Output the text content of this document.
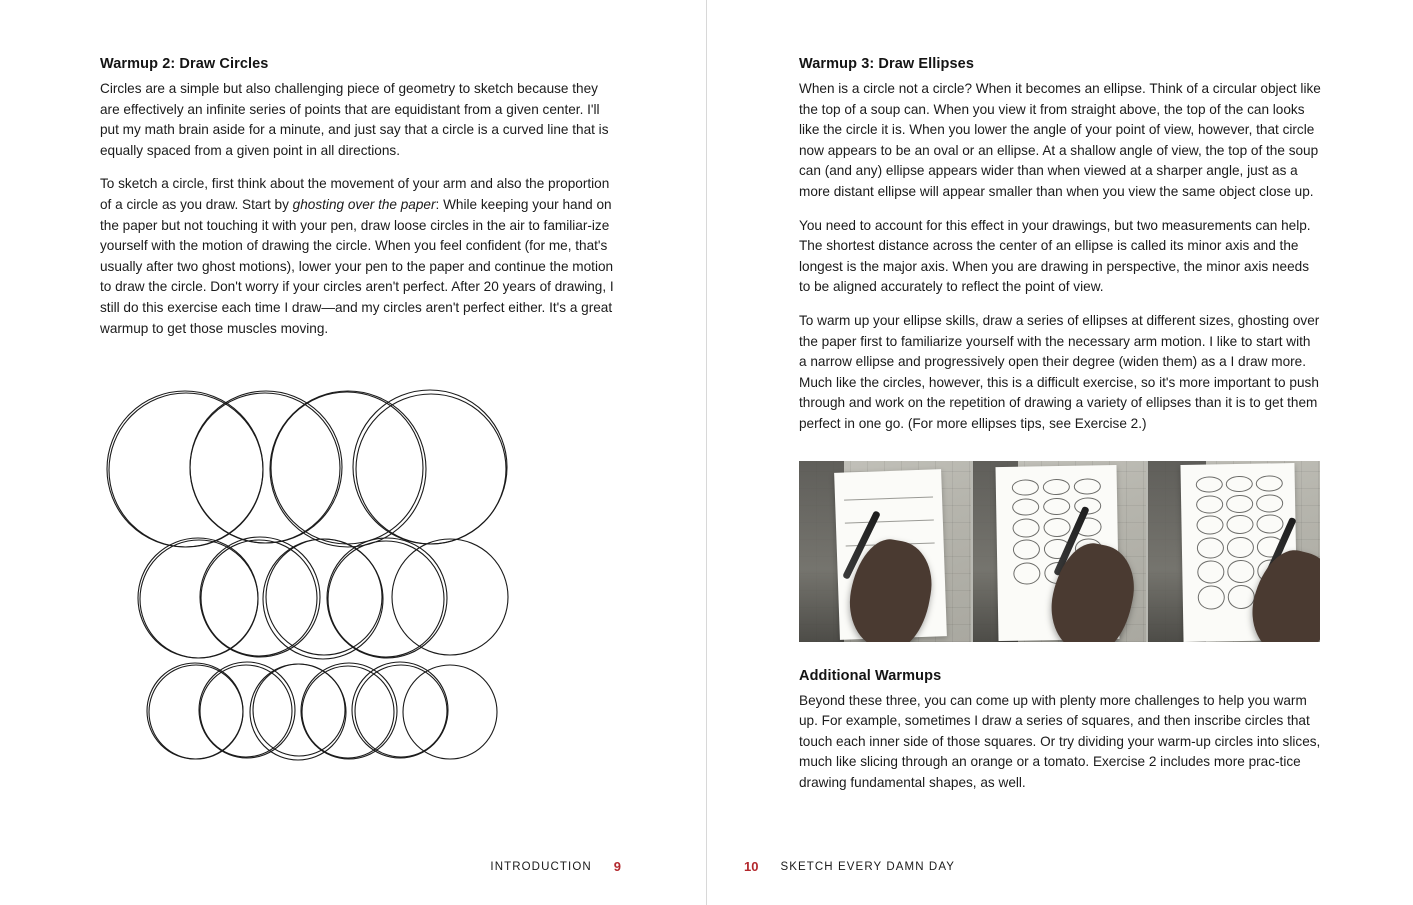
Warmup 2: Draw Circles

Circles are a simple but also challenging piece of geometry to sketch because they are effectively an infinite series of points that are equidistant from a given center. I'll put my math brain aside for a minute, and just say that a circle is a curved line that is equally spaced from a given point in all directions.

To sketch a circle, first think about the movement of your arm and also the proportion of a circle as you draw. Start by ghosting over the paper: While keeping your hand on the paper but not touching it with your pen, draw loose circles in the air to familiar-ize yourself with the motion of drawing the circle. When you feel confident (for me, that's usually after two ghost motions), lower your pen to the paper and continue the motion to draw the circle. Don't worry if your circles aren't perfect. After 20 years of drawing, I still do this exercise each time I draw—and my circles aren't perfect either. It's a great warmup to get those muscles moving.

INTRODUCTION 9
Warmup 3: Draw Ellipses

When is a circle not a circle? When it becomes an ellipse. Think of a circular object like the top of a soup can. When you view it from straight above, the top of the can looks like the circle it is. When you lower the angle of your point of view, however, that circle now appears to be an oval or an ellipse. At a shallow angle of view, the top of the soup can (and any) ellipse appears wider than when viewed at a sharper angle, just as a more distant ellipse will appear smaller than when you view the same object close up.

You need to account for this effect in your drawings, but two measurements can help. The shortest distance across the center of an ellipse is called its minor axis and the longest is the major axis. When you are drawing in perspective, the minor axis needs to be aligned accurately to reflect the point of view.

To warm up your ellipse skills, draw a series of ellipses at different sizes, ghosting over the paper first to familiarize yourself with the necessary arm motion. I like to start with a narrow ellipse and progressively open their degree (widen them) as a I draw more. Much like the circles, however, this is a difficult exercise, so it's more important to push through and work on the repetition of drawing a variety of ellipses than it is to get them perfect in one go. (For more ellipses tips, see Exercise 2.)

Additional Warmups

Beyond these three, you can come up with plenty more challenges to help you warm up. For example, sometimes I draw a series of squares, and then inscribe circles that touch each inner side of those squares. Or try dividing your warm-up circles into slices, much like slicing through an orange or a tomato. Exercise 2 includes more prac-tice drawing fundamental shapes, as well.

10 SKETCH EVERY DAMN DAY
